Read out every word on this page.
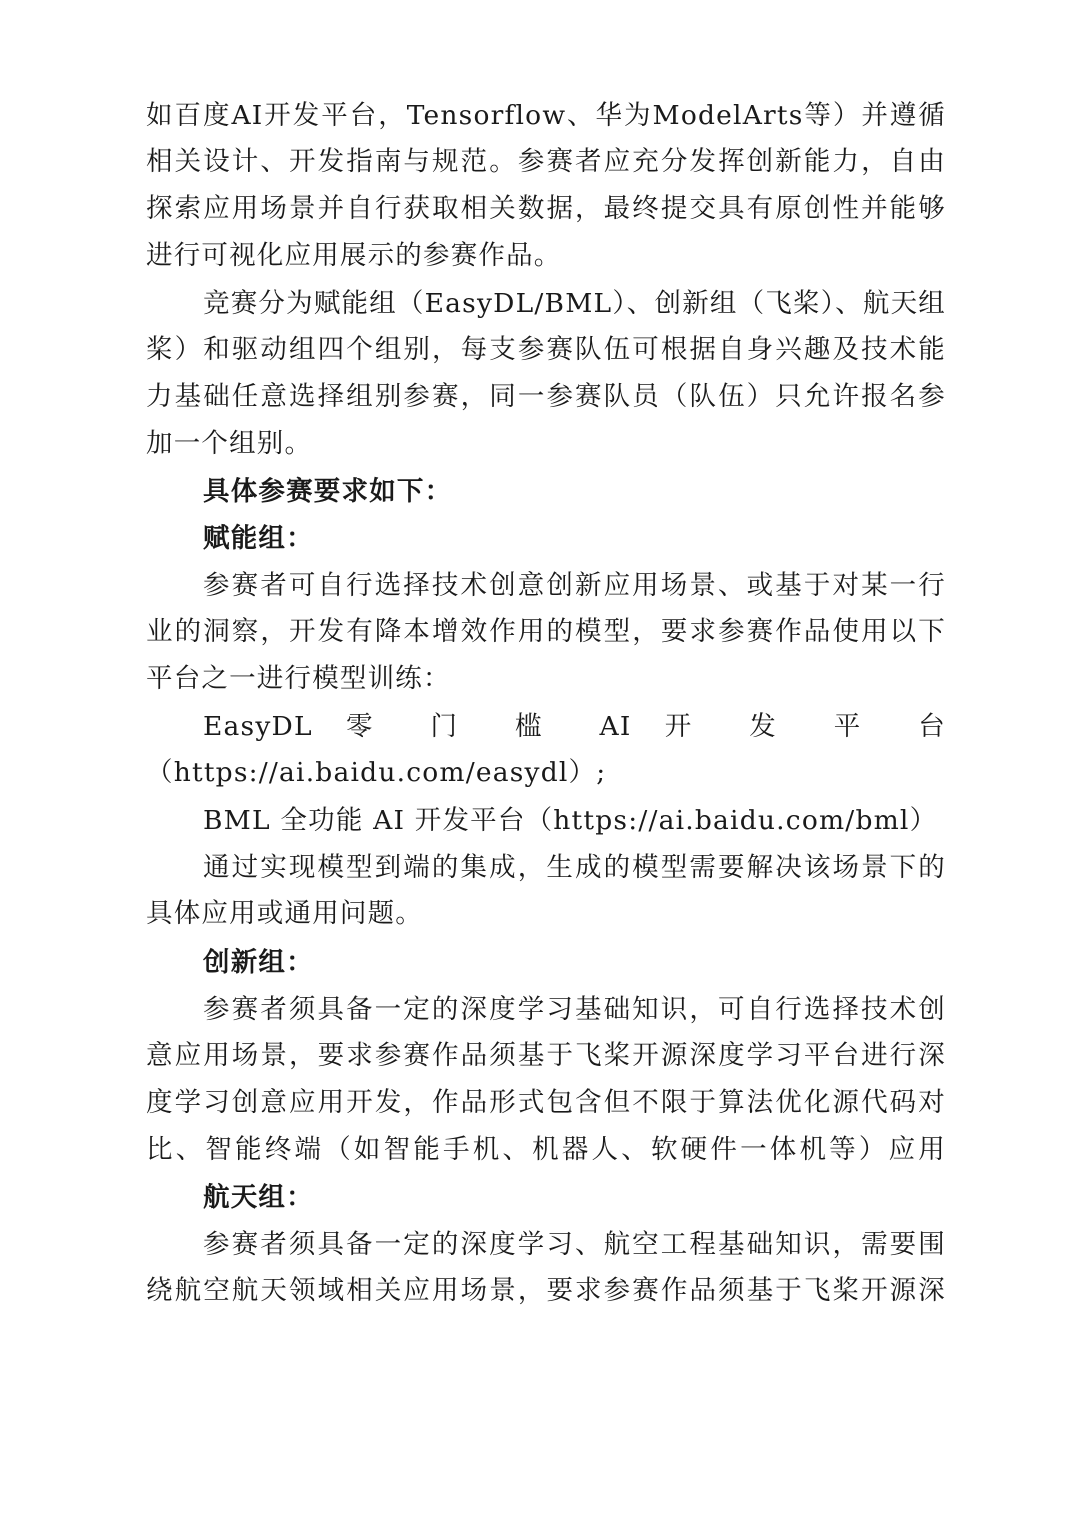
如百度AI开发平台，Tensorflow、华为ModelArts等）并遵循
相关设计、开发指南与规范。参赛者应充分发挥创新能力，自由
探索应用场景并自行获取相关数据，最终提交具有原创性并能够
进行可视化应用展示的参赛作品。
竞赛分为赋能组（EasyDL/BML）、创新组（飞桨）、航天组
桨）和驱动组四个组别，每支参赛队伍可根据自身兴趣及技术能
力基础任意选择组别参赛，同一参赛队员（队伍）只允许报名参
加一个组别。
具体参赛要求如下：
赋能组：
参赛者可自行选择技术创意创新应用场景、或基于对某一行
业的洞察，开发有降本增效作用的模型，要求参赛作品使用以下
平台之一进行模型训练：
EasyDL 零 门 槛 AI 开 发 平 台
（https://ai.baidu.com/easydl）;
BML 全功能 AI 开发平台（https://ai.baidu.com/bml）
通过实现模型到端的集成，生成的模型需要解决该场景下的
具体应用或通用问题。
创新组：
参赛者须具备一定的深度学习基础知识，可自行选择技术创
意应用场景，要求参赛作品须基于飞桨开源深度学习平台进行深
度学习创意应用开发，作品形式包含但不限于算法优化源代码对
比、智能终端（如智能手机、机器人、软硬件一体机等）应用
航天组：
参赛者须具备一定的深度学习、航空工程基础知识，需要围
绕航空航天领域相关应用场景，要求参赛作品须基于飞桨开源深
